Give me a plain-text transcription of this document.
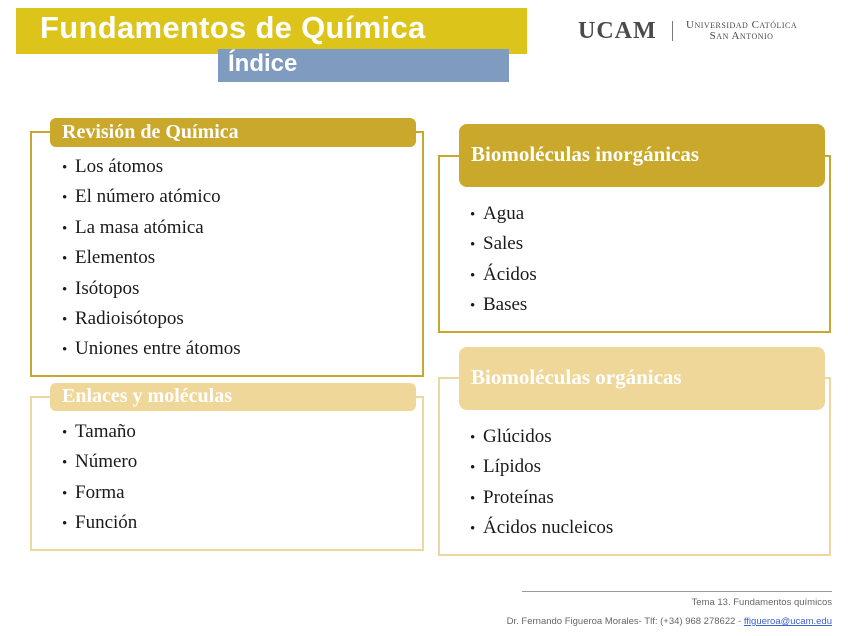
Fundamentos de Química
Índice
UCAM	Universidad Católica
San Antonio
Revisión de Química
• Los átomos
• El número atómico
• La masa atómica
• Elementos
• Isótopos
• Radioisótopos
• Uniones entre átomos
Enlaces y moléculas
• Tamaño
• Número
• Forma
• Función
Biomoléculas inorgánicas
• Agua
• Sales
• Ácidos
• Bases
Biomoléculas orgánicas
• Glúcidos
• Lípidos
• Proteínas
• Ácidos nucleicos
Tema 13. Fundamentos químicos
Dr. Fernando Figueroa Morales- Tlf: (+34) 968 278622 - ffigueroa@ucam.edu
